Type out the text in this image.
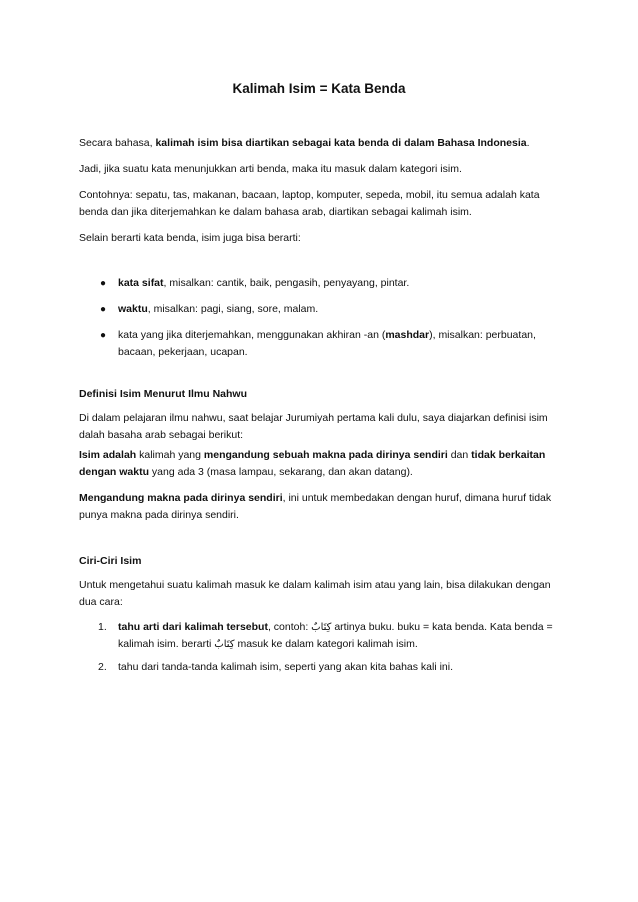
Kalimah Isim = Kata Benda

Secara bahasa, kalimah isim bisa diartikan sebagai kata benda di dalam Bahasa Indonesia.

Jadi, jika suatu kata menunjukkan arti benda, maka itu masuk dalam kategori isim.

Contohnya: sepatu, tas, makanan, bacaan, laptop, komputer, sepeda, mobil, itu semua adalah kata benda dan jika diterjemahkan ke dalam bahasa arab, diartikan sebagai kalimah isim.

Selain berarti kata benda, isim juga bisa berarti:

●	kata sifat, misalkan: cantik, baik, pengasih, penyayang, pintar.
●	waktu, misalkan: pagi, siang, sore, malam.
●	kata yang jika diterjemahkan, menggunakan akhiran -an (mashdar), misalkan: perbuatan, bacaan, pekerjaan, ucapan.

Definisi Isim Menurut Ilmu Nahwu

Di dalam pelajaran ilmu nahwu, saat belajar Jurumiyah pertama kali dulu, saya diajarkan definisi isim dalah basaha arab sebagai berikut:

Isim adalah kalimah yang mengandung sebuah makna pada dirinya sendiri dan tidak berkaitan dengan waktu yang ada 3 (masa lampau, sekarang, dan akan datang).

Mengandung makna pada dirinya sendiri, ini untuk membedakan dengan huruf, dimana huruf tidak punya makna pada dirinya sendiri.

Ciri-Ciri Isim

Untuk mengetahui suatu kalimah masuk ke dalam kalimah isim atau yang lain, bisa dilakukan dengan dua cara:

1. tahu arti dari kalimah tersebut, contoh: كِتَابٌ artinya buku. buku = kata benda. Kata benda = kalimah isim. berarti كِتَابٌ masuk ke dalam kategori kalimah isim.
2. tahu dari tanda-tanda kalimah isim, seperti yang akan kita bahas kali ini.
